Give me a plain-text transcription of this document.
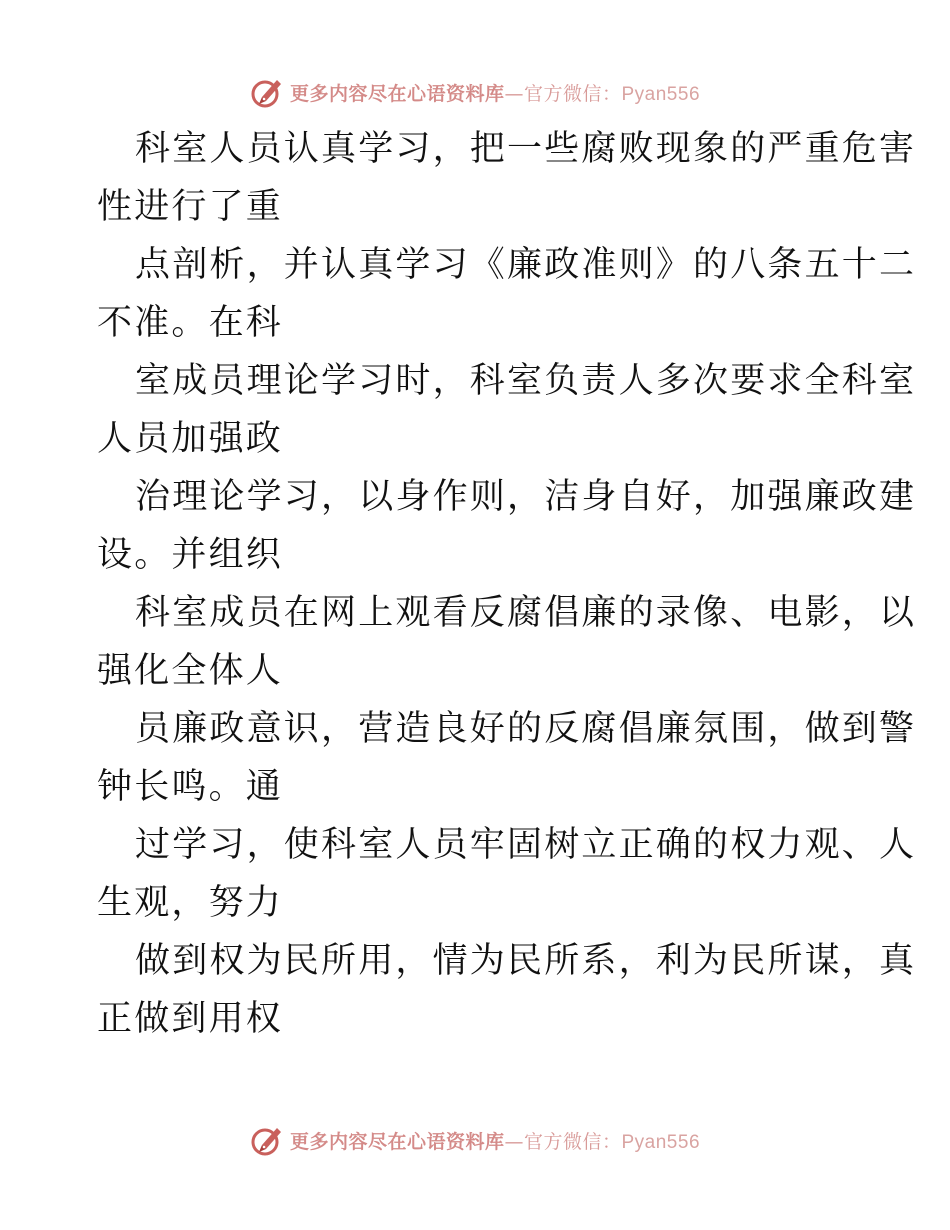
更多内容尽在心语资料库—官方微信：Pyan556
科室人员认真学习，把一些腐败现象的严重危害
性进行了重
点剖析，并认真学习《廉政准则》的八条五十二
不准。在科
室成员理论学习时，科室负责人多次要求全科室
人员加强政
治理论学习，以身作则，洁身自好，加强廉政建
设。并组织
科室成员在网上观看反腐倡廉的录像、电影，以
强化全体人
员廉政意识，营造良好的反腐倡廉氛围，做到警
钟长鸣。通
过学习，使科室人员牢固树立正确的权力观、人
生观，努力
做到权为民所用，情为民所系，利为民所谋，真
正做到用权
更多内容尽在心语资料库—官方微信：Pyan556
